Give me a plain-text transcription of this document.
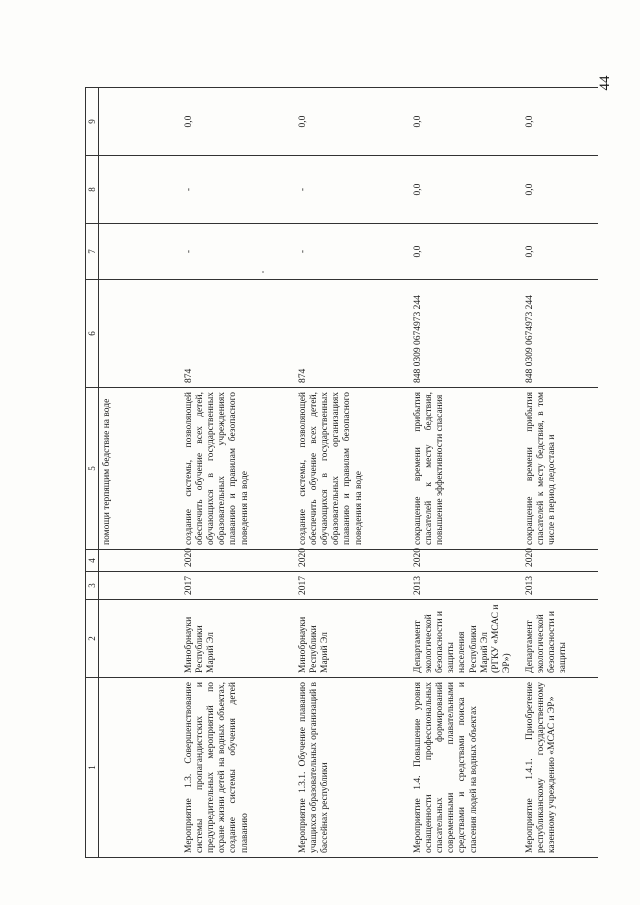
44
1	2	3	4	5	6	7	8	9
				помощи терпящим бедствие на воде				
Мероприятие 1.3. Совершенствование системы пропагандистских и предупредительных мероприятий по охране жизни детей на водных объектах, создание системы обучения детей плаванию	Минобрнауки Республики Марий Эл	2017	2020	создание системы, позволяющей обеспечить обучение всех детей, обучающихся в государственных образовательных учреждениях плаванию и правилам безопасного поведения на воде	874	-	-	0,0
Мероприятие 1.3.1. Обучение плаванию учащихся образовательных организаций в бассейнах республики	Минобрнауки Республики Марий Эл	2017	2020	создание системы, позволяющей обеспечить обучение всех детей, обучающихся в государственных образовательных организациях плаванию и правилам безопасного поведения на воде	874	-	-	0,0
Мероприятие 1.4. Повышение уровня оснащенности профессиональных спасательных формирований современными плавательными средствами и средствами поиска и спасения людей на водных объектах	Департамент экологической безопасности и защиты населения Республики Марий Эл (РГКУ «МСАС и ЭР»)	2013	2020	сокращение времени прибытия спасателей к месту бедствия, повышение эффективности спасания	848 0309 0674973 244	0,0	0,0	0,0
Мероприятие 1.4.1. Приобретение республиканскому государственному казенному учреждению «МСАС и ЭР»	Департамент экологической безопасности и защиты	2013	2020	сокращение времени прибытия спасателей к месту бедствия, в том числе в период ледостава и	848 0309 0674973 244	0,0	0,0	0,0
